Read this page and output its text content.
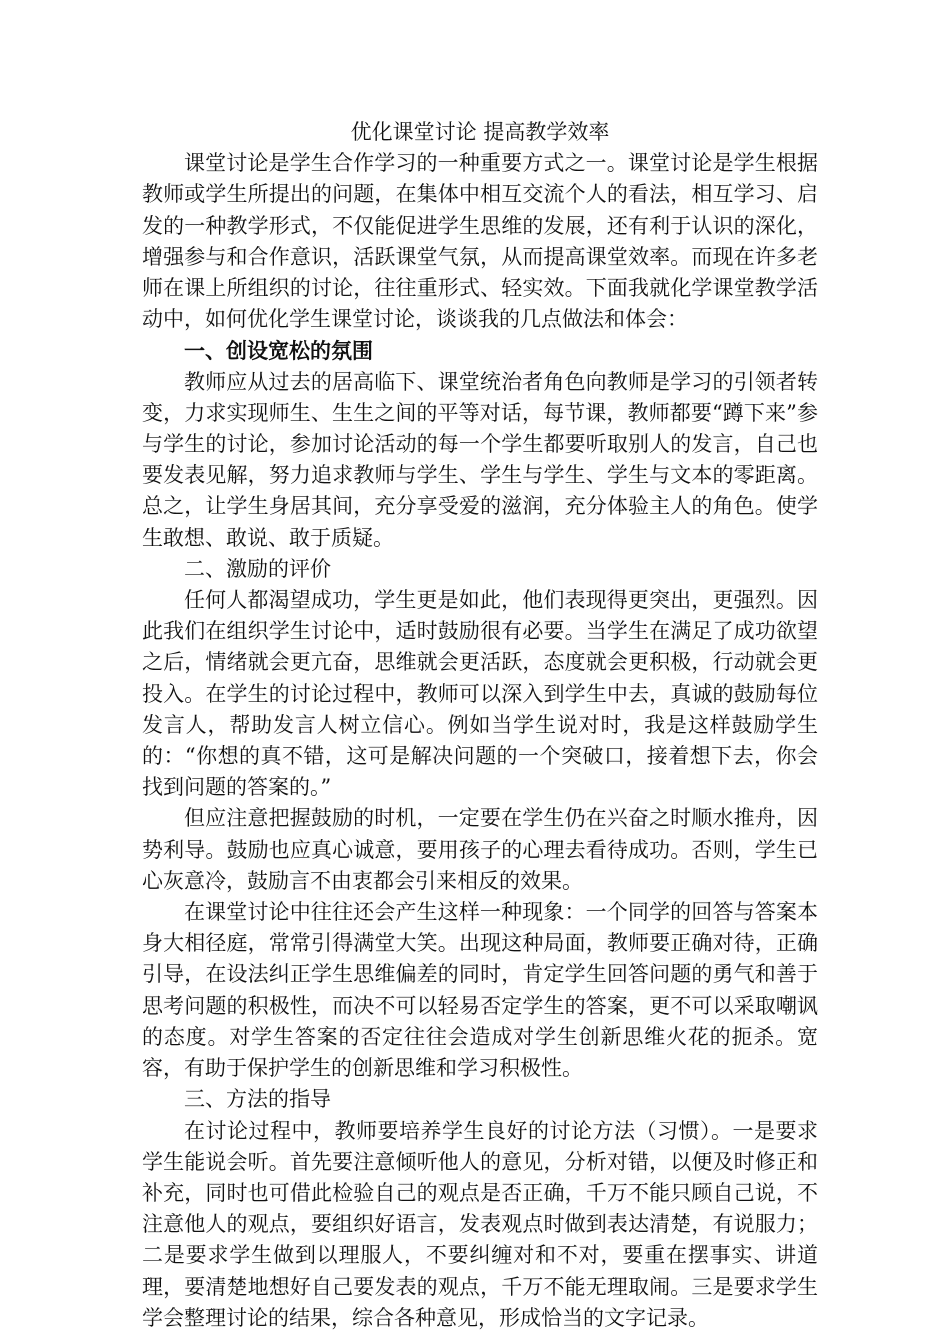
优化课堂讨论 提高教学效率

课堂讨论是学生合作学习的一种重要方式之一。课堂讨论是学生根据教师或学生所提出的问题，在集体中相互交流个人的看法，相互学习、启发的一种教学形式，不仅能促进学生思维的发展，还有利于认识的深化，增强参与和合作意识，活跃课堂气氛，从而提高课堂效率。而现在许多老师在课上所组织的讨论，往往重形式、轻实效。下面我就化学课堂教学活动中，如何优化学生课堂讨论，谈谈我的几点做法和体会：

一、创设宽松的氛围

教师应从过去的居高临下、课堂统治者角色向教师是学习的引领者转变，力求实现师生、生生之间的平等对话，每节课，教师都要“蹲下来”参与学生的讨论，参加讨论活动的每一个学生都要听取别人的发言，自己也要发表见解，努力追求教师与学生、学生与学生、学生与文本的零距离。总之，让学生身居其间，充分享受爱的滋润，充分体验主人的角色。使学生敢想、敢说、敢于质疑。

二、激励的评价

任何人都渴望成功，学生更是如此，他们表现得更突出，更强烈。因此我们在组织学生讨论中，适时鼓励很有必要。当学生在满足了成功欲望之后，情绪就会更亢奋，思维就会更活跃，态度就会更积极，行动就会更投入。在学生的讨论过程中，教师可以深入到学生中去，真诚的鼓励每位发言人，帮助发言人树立信心。例如当学生说对时，我是这样鼓励学生的：“你想的真不错，这可是解决问题的一个突破口，接着想下去，你会找到问题的答案的。”

但应注意把握鼓励的时机，一定要在学生仍在兴奋之时顺水推舟，因势利导。鼓励也应真心诚意，要用孩子的心理去看待成功。否则，学生已心灰意冷，鼓励言不由衷都会引来相反的效果。

在课堂讨论中往往还会产生这样一种现象：一个同学的回答与答案本身大相径庭，常常引得满堂大笑。出现这种局面，教师要正确对待，正确引导，在设法纠正学生思维偏差的同时，肯定学生回答问题的勇气和善于思考问题的积极性，而决不可以轻易否定学生的答案，更不可以采取嘲讽的态度。对学生答案的否定往往会造成对学生创新思维火花的扼杀。宽容，有助于保护学生的创新思维和学习积极性。

三、方法的指导

在讨论过程中，教师要培养学生良好的讨论方法（习惯）。一是要求学生能说会听。首先要注意倾听他人的意见，分析对错，以便及时修正和补充，同时也可借此检验自己的观点是否正确，千万不能只顾自己说，不注意他人的观点，要组织好语言，发表观点时做到表达清楚，有说服力；二是要求学生做到以理服人，不要纠缠对和不对，要重在摆事实、讲道理，要清楚地想好自己要发表的观点，千万不能无理取闹。三是要求学生学会整理讨论的结果，综合各种意见，形成恰当的文字记录。
